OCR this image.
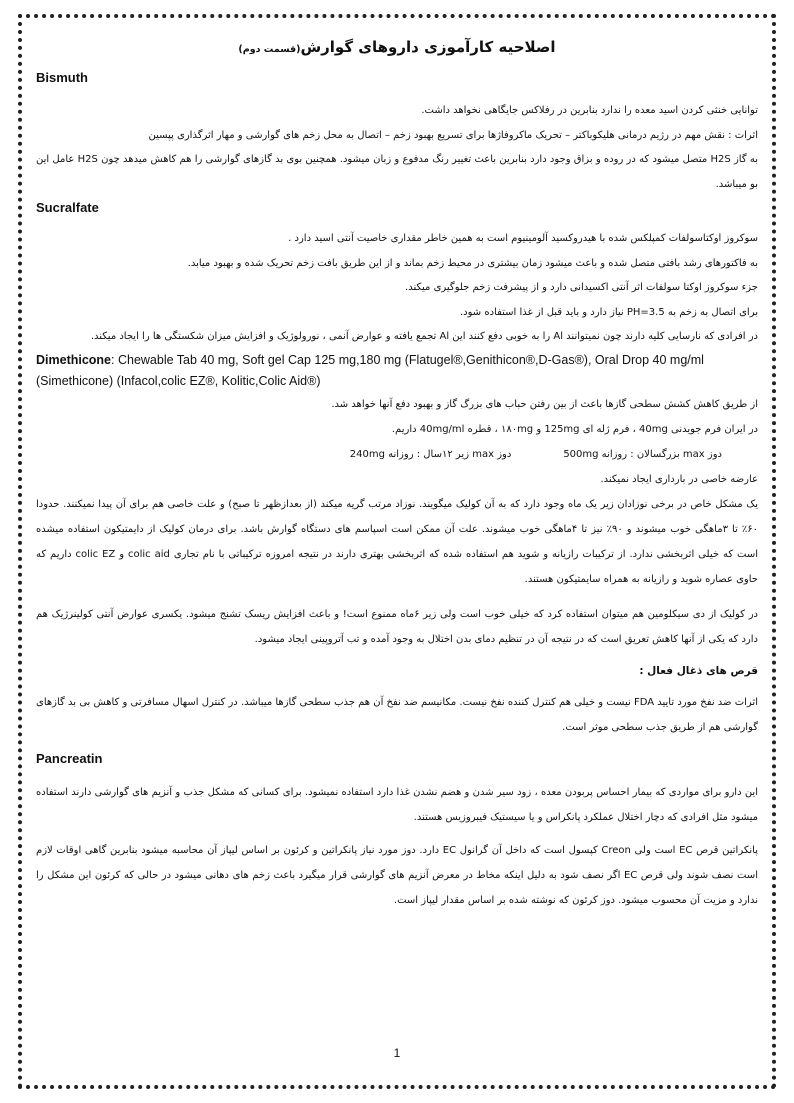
اصلاحیه کارآموزی داروهای گوارش(قسمت دوم)
Bismuth

توانایی خنثی کردن اسید معده را ندارد بنابرین در رفلاکس جایگاهی نخواهد داشت.

اثرات : نقش مهم در رژیم درمانی هلیکوباکتر – تحریک ماکروفاژها برای تسریع بهبود زخم – اتصال به محل زخم های گوارشی و مهار اثرگذاری پپسین

به گاز H2S متصل میشود که در روده و بزاق وجود دارد بنابرین باعث تغییر رنگ مدفوع و زبان میشود. همچنین بوی بد گازهای گوارشی را هم کاهش میدهد چون H2S عامل این بو میباشد.

Sucralfate

سوکروز اوکتاسولفات کمپلکس شده با هیدروکسید آلومینیوم است به همین خاطر مقداری خاصیت آنتی اسید دارد .

به فاکتورهای رشد بافتی متصل شده و باعث میشود زمان بیشتری در محیط زخم بماند و از این طریق بافت زخم تحریک شده و بهبود میابد.

جزء سوکروز اوکتا سولفات اثر آنتی اکسیدانی دارد و از پیشرفت زخم جلوگیری میکند.

برای اتصال به زخم به PH=3.5 نیاز دارد و باید قبل از غذا استفاده شود.

در افرادی که نارسایی کلیه دارند چون نمیتوانند Al را به خوبی دفع کنند این Al تجمع یافته و عوارض آنمی ، نورولوژیک و افزایش میزان شکستگی ها را ایجاد میکند.

Dimethicone: Chewable Tab 40 mg, Soft gel Cap 125 mg,180 mg (Flatugel®,Genithicon®,D-Gas®), Oral Drop 40 mg/ml (Simethicone) (Infacol,colic EZ®, Kolitic,Colic Aid®)

از طریق کاهش کشش سطحی گازها باعث از بین رفتن حباب های بزرگ گاز و بهبود دفع آنها خواهد شد.

در ایران فرم جویدنی 40mg ، فرم ژله ای 125mg و ۱۸۰mg ، قطره 40mg/ml داریم.

دوز max بزرگسالان : روزانه 500mg
دوز max زیر ۱۲سال : روزانه 240mg

عارضه خاصی در بارداری ایجاد نمیکند.

یک مشکل خاص در برخی نوزادان زیر یک ماه وجود دارد که به آن کولیک میگویند. نوزاد مرتب گریه میکند (از بعدازظهر تا صبح) و علت خاصی هم برای آن پیدا نمیکنند. حدودا ۶۰٪ تا ۳ماهگی خوب میشوند و ۹۰٪ نیز تا ۴ماهگی خوب میشوند. علت آن ممکن است اسپاسم های دستگاه گوارش باشد. برای درمان کولیک از دایمتیکون استفاده میشده است که خیلی اثربخشی ندارد. از ترکیبات رازیانه و شوید هم استفاده شده که اثربخشی بهتری دارند در نتیجه امروزه ترکیباتی با نام تجاری colic aid و colic EZ داریم که حاوی عصاره شوید و رازیانه به همراه سایمتیکون هستند.

در کولیک از دی سیکلومین هم میتوان استفاده کرد که خیلی خوب است ولی زیر ۶ماه ممنوع است! و باعث افزایش ریسک تشنج میشود. یکسری عوارض آنتی کولینرژیک هم دارد که یکی از آنها کاهش تعریق است که در نتیجه آن در تنظیم دمای بدن اختلال به وجود آمده و تب آتروپینی ایجاد میشود.

قرص های ذغال فعال :

اثرات ضد نفخ مورد تایید FDA نیست و خیلی هم کنترل کننده نفخ نیست. مکانیسم ضد نفخ آن هم جذب سطحی گازها میباشد. در کنترل اسهال مسافرتی و کاهش بی بد گازهای گوارشی هم از طریق جذب سطحی موثر است.

Pancreatin

این دارو برای مواردی که بیمار احساس پربودن معده ، زود سیر شدن و هضم نشدن غذا دارد استفاده نمیشود. برای کسانی که مشکل جذب و آنزیم های گوارشی دارند استفاده میشود مثل افرادی که دچار اختلال عملکرد پانکراس و یا سیستیک فیبروزیس هستند.

پانکراتین قرص EC است ولی Creon کپسول است که داخل آن گرانول EC دارد. دوز مورد نیاز پانکراتین و کرئون بر اساس لیپاز آن محاسبه میشود بنابرین گاهی اوقات لازم است نصف شوند ولی قرص EC اگر نصف شود به دلیل اینکه مخاط در معرض آنزیم های گوارشی قرار میگیرد باعث زخم های دهانی میشود در حالی که کرئون این مشکل را ندارد و مزیت آن محسوب میشود. دوز کرئون که نوشته شده بر اساس مقدار لیپاز است.

1
